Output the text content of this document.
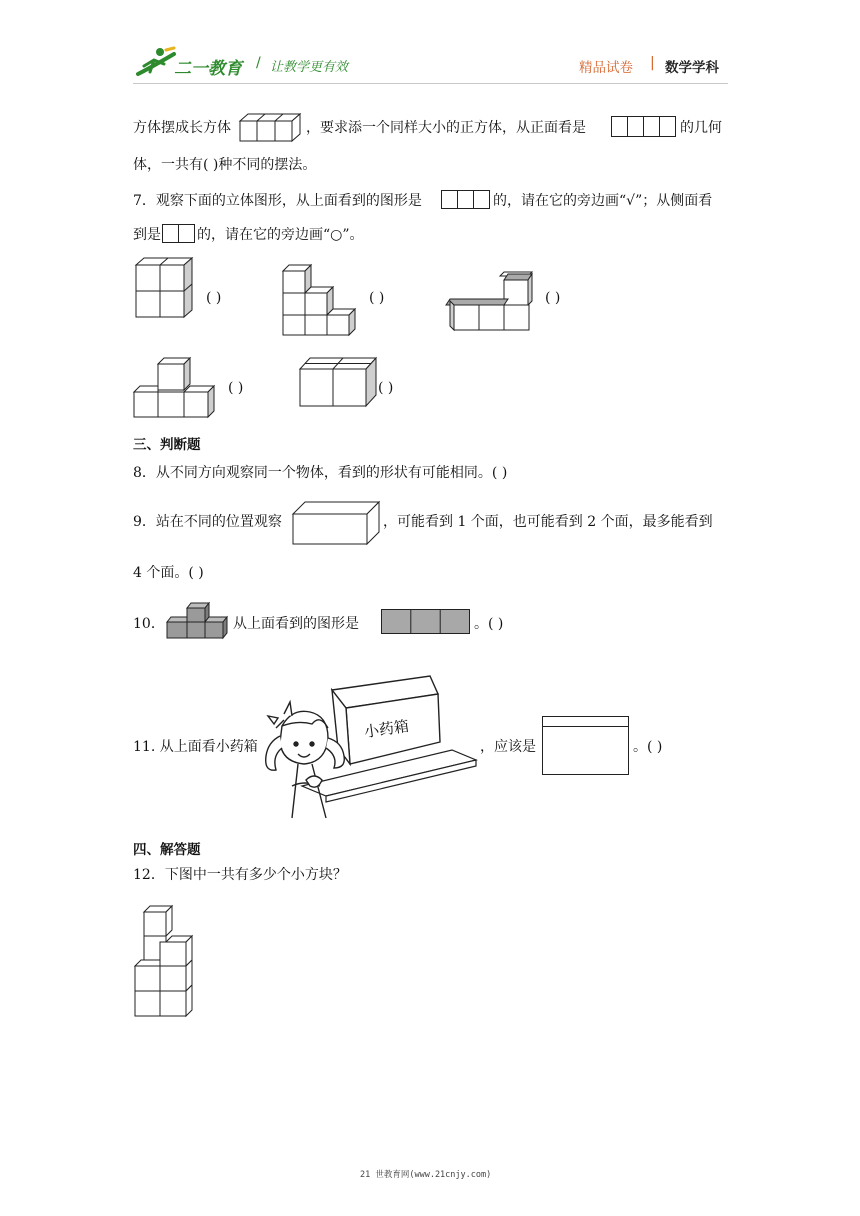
二一教育 / 让教学更有效	精品试卷 | 数学学科
方体摆成长方体	，要求添一个同样大小的正方体，从正面看是	的几何
体，一共有( )种不同的摆法。
7．观察下面的立体图形，从上面看到的图形是	的，请在它的旁边画“√”；从侧面看
到是	的，请在它的旁边画“○”。
( )	( )	( )
( )	( )
三、判断题
8．从不同方向观察同一个物体，看到的形状有可能相同。( )
9．站在不同的位置观察	，可能看到 1 个面，也可能看到 2 个面，最多能看到
4 个面。( )
10．	从上面看到的图形是	。( )
11. 从上面看小药箱
小药箱
，应该是	。( )
四、解答题
12．下图中一共有多少个小方块？
21 世教育网(www.21cnjy.com)
